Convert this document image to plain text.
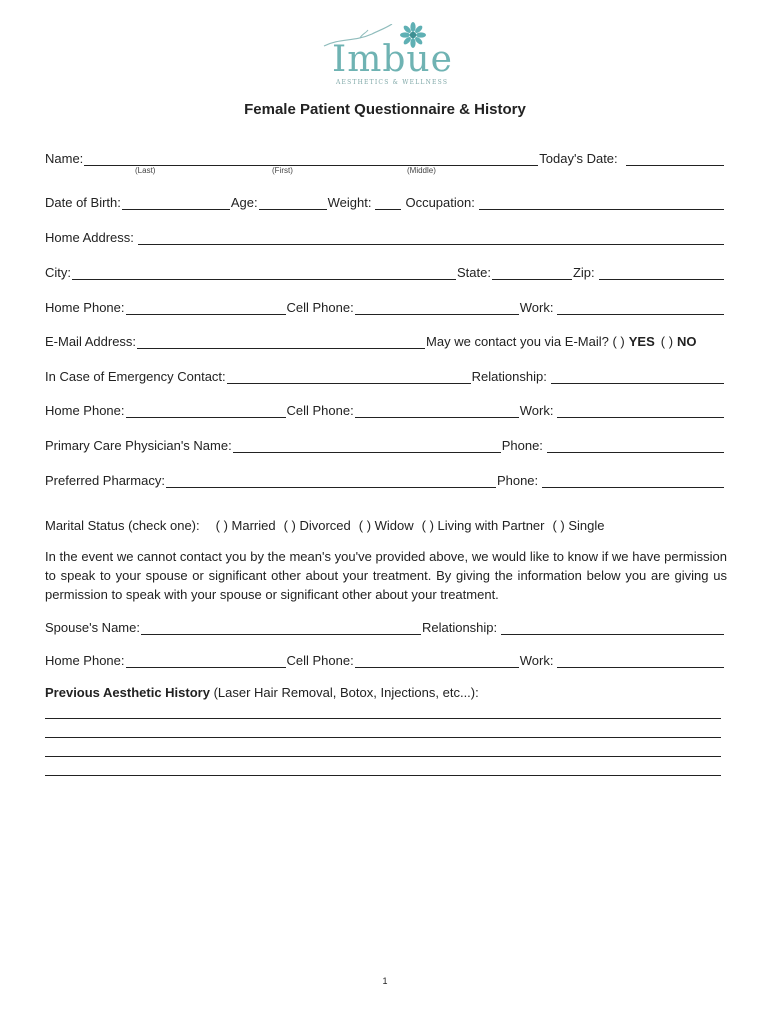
Imbue
AESTHETICS & WELLNESS
Female Patient Questionnaire & History
Name:	Today's Date:
(Last)	(First)	(Middle)
Date of Birth:	Age:	Weight:	Occupation:
Home Address:
City:	State:	Zip:
Home Phone:	Cell Phone:	Work:
E-Mail Address:	May we contact you via E-Mail? ( ) YES ( ) NO
In Case of Emergency Contact:	Relationship:
Home Phone:	Cell Phone:	Work:
Primary Care Physician's Name:	Phone:
Preferred Pharmacy:	Phone:
Marital Status (check one): ( ) Married ( ) Divorced ( ) Widow ( ) Living with Partner ( ) Single
In the event we cannot contact you by the mean's you've provided above, we would like to know if we have permission to speak to your spouse or significant other about your treatment. By giving the information below you are giving us permission to speak with your spouse or significant other about your treatment.
Spouse's Name:	Relationship:
Home Phone:	Cell Phone:	Work:
Previous Aesthetic History (Laser Hair Removal, Botox, Injections, etc...):
1
